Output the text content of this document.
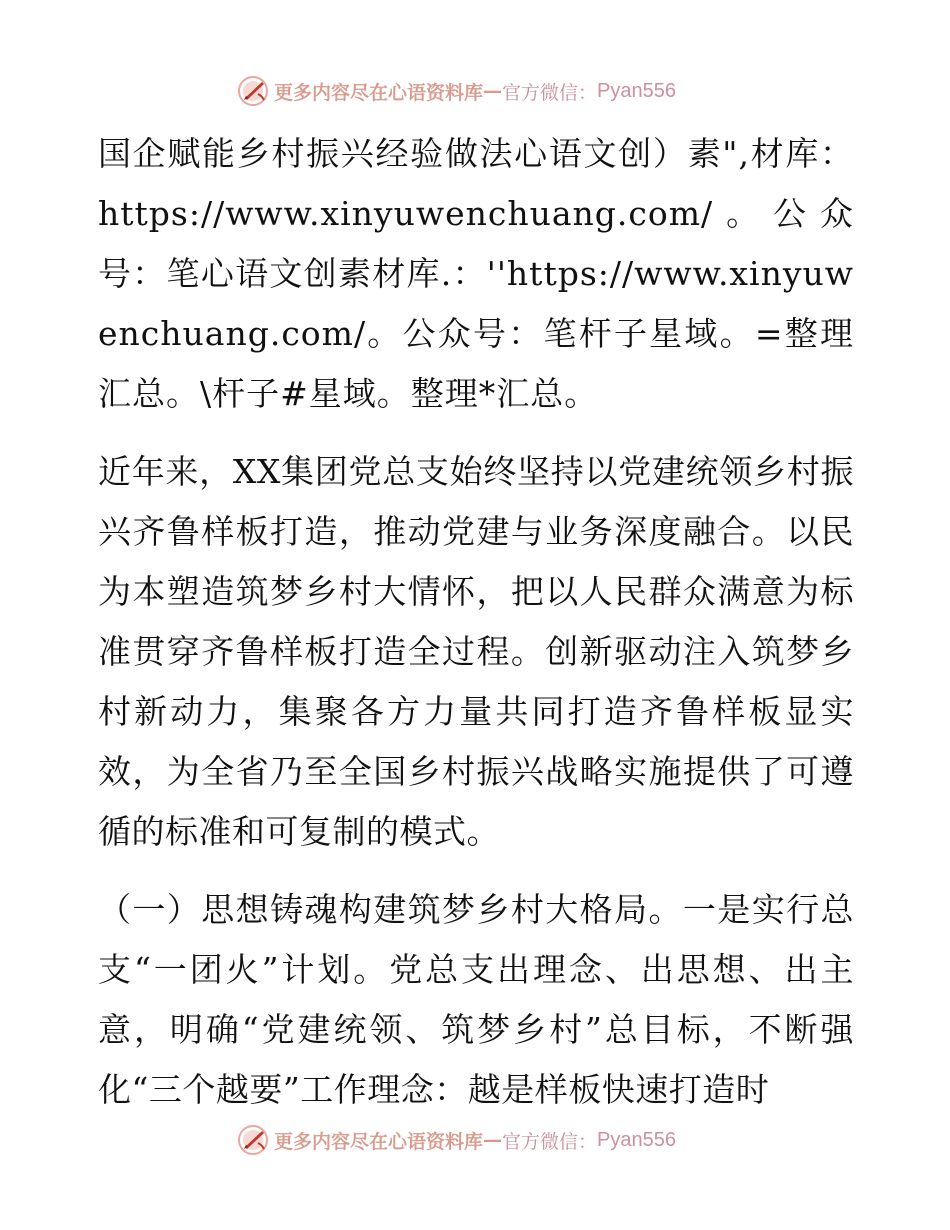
更多内容尽在心语资料库 — 官方微信： Pyan556

国企赋能乡村振兴经验做法心语文创）素",材库：https://www.xinyuwenchuang.com/。公众号：笔心语文创素材库.：''https://www.xinyuwenchuang.com/。公众号：笔杆子星域。=整理汇总。\杆子#星域。整理*汇总。

近年来，XX集团党总支始终坚持以党建统领乡村振兴齐鲁样板打造，推动党建与业务深度融合。以民为本塑造筑梦乡村大情怀，把以人民群众满意为标准贯穿齐鲁样板打造全过程。创新驱动注入筑梦乡村新动力，集聚各方力量共同打造齐鲁样板显实效，为全省乃至全国乡村振兴战略实施提供了可遵循的标准和可复制的模式。

（一）思想铸魂构建筑梦乡村大格局。一是实行总支“一团火”计划。党总支出理念、出思想、出主意，明确“党建统领、筑梦乡村”总目标，不断强化“三个越要”工作理念：越是样板快速打造时

更多内容尽在心语资料库 — 官方微信： Pyan556
